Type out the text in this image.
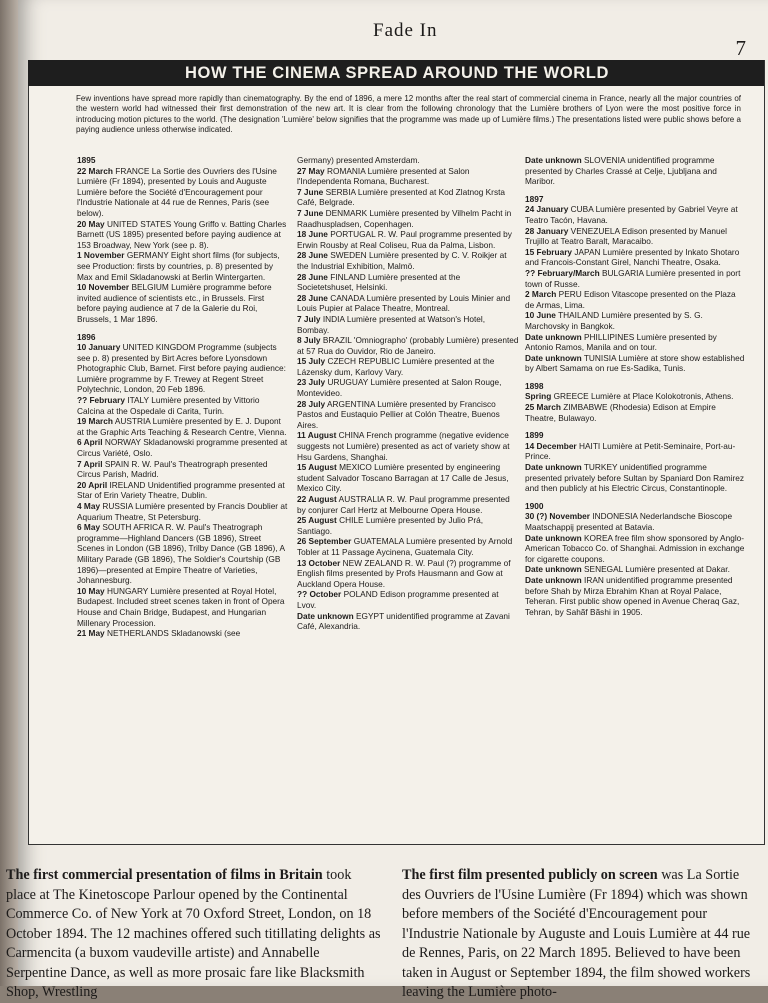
Fade In
7
HOW THE CINEMA SPREAD AROUND THE WORLD
Few inventions have spread more rapidly than cinematography. By the end of 1896, a mere 12 months after the real start of commercial cinema in France, nearly all the major countries of the western world had witnessed their first demonstration of the new art. It is clear from the following chronology that the Lumière brothers of Lyon were the most positive force in introducing motion pictures to the world. (The designation 'Lumière' below signifies that the programme was made up of Lumière films.) The presentations listed were public shows before a paying audience unless otherwise indicated.
1895
22 March FRANCE La Sortie des Ouvriers des l'Usine Lumière (Fr 1894), presented by Louis and Auguste Lumière before the Société d'Encouragement pour l'Industrie Nationale at 44 rue de Rennes, Paris (see below).
20 May UNITED STATES Young Griffo v. Batting Charles Barnett (US 1895) presented before paying audience at 153 Broadway, New York (see p. 8).
1 November GERMANY Eight short films (for subjects, see Production: firsts by countries, p. 8) presented by Max and Emil Skladanowski at Berlin Wintergarten.
10 November BELGIUM Lumière programme before invited audience of scientists etc., in Brussels. First before paying audience at 7 de la Galerie du Roi, Brussels, 1 Mar 1896.
1896
10 January UNITED KINGDOM Programme (subjects see p. 8) presented by Birt Acres before Lyonsdown Photographic Club, Barnet. First before paying audience: Lumière programme by F. Trewey at Regent Street Polytechnic, London, 20 Feb 1896.
?? February ITALY Lumière presented by Vittorio Calcina at the Ospedale di Carita, Turin.
19 March AUSTRIA Lumière presented by E. J. Dupont at the Graphic Arts Teaching & Research Centre, Vienna.
6 April NORWAY Skladanowski programme presented at Circus Variété, Oslo.
7 April SPAIN R. W. Paul's Theatrograph presented Circus Parish, Madrid.
20 April IRELAND Unidentified programme presented at Star of Erin Variety Theatre, Dublin.
4 May RUSSIA Lumière presented by Francis Doublier at Aquarium Theatre, St Petersburg.
6 May SOUTH AFRICA R. W. Paul's Theatrograph programme—Highland Dancers (GB 1896), Street Scenes in London (GB 1896), Trilby Dance (GB 1896), A Military Parade (GB 1896), The Soldier's Courtship (GB 1896)—presented at Empire Theatre of Varieties, Johannesburg.
10 May HUNGARY Lumière presented at Royal Hotel, Budapest. Included street scenes taken in front of Opera House and Chain Bridge, Budapest, and Hungarian Millenary Procession.
21 May NETHERLANDS Skladanowski (see
Germany) presented Amsterdam.
27 May ROMANIA Lumière presented at Salon l'Independenta Romana, Bucharest.
7 June SERBIA Lumière presented at Kod Zlatnog Krsta Café, Belgrade.
7 June DENMARK Lumière presented by Vilhelm Pacht in Raadhuspladsen, Copenhagen.
18 June PORTUGAL R. W. Paul programme presented by Erwin Rousby at Real Coliseu, Rua da Palma, Lisbon.
28 June SWEDEN Lumière presented by C. V. Roikjer at the Industrial Exhibition, Malmö.
28 June FINLAND Lumière presented at the Societetshuset, Helsinki.
28 June CANADA Lumière presented by Louis Minier and Louis Pupier at Palace Theatre, Montreal.
7 July INDIA Lumière presented at Watson's Hotel, Bombay.
8 July BRAZIL 'Omniographo' (probably Lumière) presented at 57 Rua do Ouvidor, Rio de Janeiro.
15 July CZECH REPUBLIC Lumière presented at the Lázensky dum, Karlovy Vary.
23 July URUGUAY Lumière presented at Salon Rouge, Montevideo.
28 July ARGENTINA Lumière presented by Francisco Pastos and Eustaquio Pellier at Colón Theatre, Buenos Aires.
11 August CHINA French programme (negative evidence suggests not Lumière) presented as act of variety show at Hsu Gardens, Shanghai.
15 August MEXICO Lumière presented by engineering student Salvador Toscano Barragan at 17 Calle de Jesus, Mexico City.
22 August AUSTRALIA R. W. Paul programme presented by conjurer Carl Hertz at Melbourne Opera House.
25 August CHILE Lumière presented by Julio Prá, Santiago.
26 September GUATEMALA Lumière presented by Arnold Tobler at 11 Passage Aycinena, Guatemala City.
13 October NEW ZEALAND R. W. Paul (?) programme of English films presented by Profs Hausmann and Gow at Auckland Opera House.
?? October POLAND Edison programme presented at Lvov.
Date unknown EGYPT unidentified programme at Zavani Café, Alexandria.
Date unknown SLOVENIA unidentified programme presented by Charles Crassé at Celje, Ljubljana and Maribor.
1897
24 January CUBA Lumière presented by Gabriel Veyre at Teatro Tacón, Havana.
28 January VENEZUELA Edison presented by Manuel Trujillo at Teatro Baralt, Maracaibo.
15 February JAPAN Lumière presented by Inkato Shotaro and Francois-Constant Girel, Nanchi Theatre, Osaka.
?? February/March BULGARIA Lumière presented in port town of Russe.
2 March PERU Edison Vitascope presented on the Plaza de Armas, Lima.
10 June THAILAND Lumière presented by S. G. Marchovsky in Bangkok.
Date unknown PHILLIPINES Lumière presented by Antonio Ramos, Manila and on tour.
Date unknown TUNISIA Lumière at store show established by Albert Samama on rue Es-Sadika, Tunis.
1898
Spring GREECE Lumière at Place Kolokotronis, Athens.
25 March ZIMBABWE (Rhodesia) Edison at Empire Theatre, Bulawayo.
1899
14 December HAITI Lumière at Petit-Seminaire, Port-au-Prince.
Date unknown TURKEY unidentified programme presented privately before Sultan by Spaniard Don Ramirez and then publicly at his Electric Circus, Constantinople.
1900
30 (?) November INDONESIA Nederlandsche Bioscope Maatschappij presented at Batavia.
Date unknown KOREA free film show sponsored by Anglo-American Tobacco Co. of Shanghai. Admission in exchange for cigarette coupons.
Date unknown SENEGAL Lumière presented at Dakar.
Date unknown IRAN unidentified programme presented before Shah by Mirza Ebrahim Khan at Royal Palace, Teheran. First public show opened in Avenue Cheraq Gaz, Tehran, by Sahãf Bãshi in 1905.
The first commercial presentation of films in Britain took place at The Kinetoscope Parlour opened by the Continental Commerce Co. of New York at 70 Oxford Street, London, on 18 October 1894. The 12 machines offered such titillating delights as Carmencita (a buxom vaudeville artiste) and Annabelle Serpentine Dance, as well as more prosaic fare like Blacksmith Shop, Wrestling
The first film presented publicly on screen was La Sortie des Ouvriers de l'Usine Lumière (Fr 1894) which was shown before members of the Société d'Encouragement pour l'Industrie Nationale by Auguste and Louis Lumière at 44 rue de Rennes, Paris, on 22 March 1895. Believed to have been taken in August or September 1894, the film showed workers leaving the Lumière photo-
